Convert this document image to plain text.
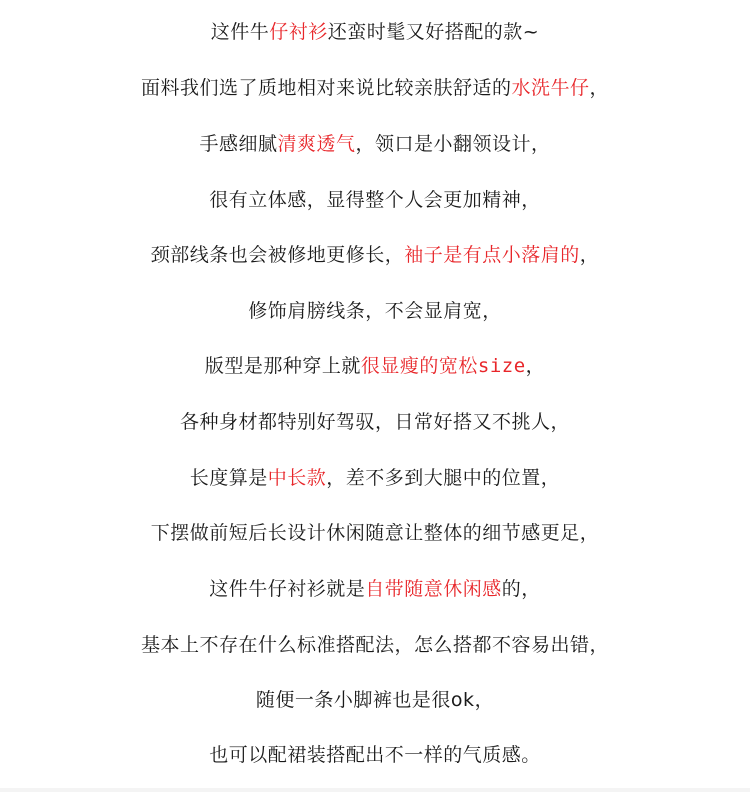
这件牛仔衬衫还蛮时髦又好搭配的款~
面料我们选了质地相对来说比较亲肤舒适的水洗牛仔，
手感细腻清爽透气，领口是小翻领设计，
很有立体感，显得整个人会更加精神，
颈部线条也会被修地更修长，袖子是有点小落肩的，
修饰肩膀线条，不会显肩宽，
版型是那种穿上就很显瘦的宽松size，
各种身材都特别好驾驭，日常好搭又不挑人，
长度算是中长款，差不多到大腿中的位置，
下摆做前短后长设计休闲随意让整体的细节感更足，
这件牛仔衬衫就是自带随意休闲感的，
基本上不存在什么标准搭配法，怎么搭都不容易出错，
随便一条小脚裤也是很ok，
也可以配裙装搭配出不一样的气质感。
